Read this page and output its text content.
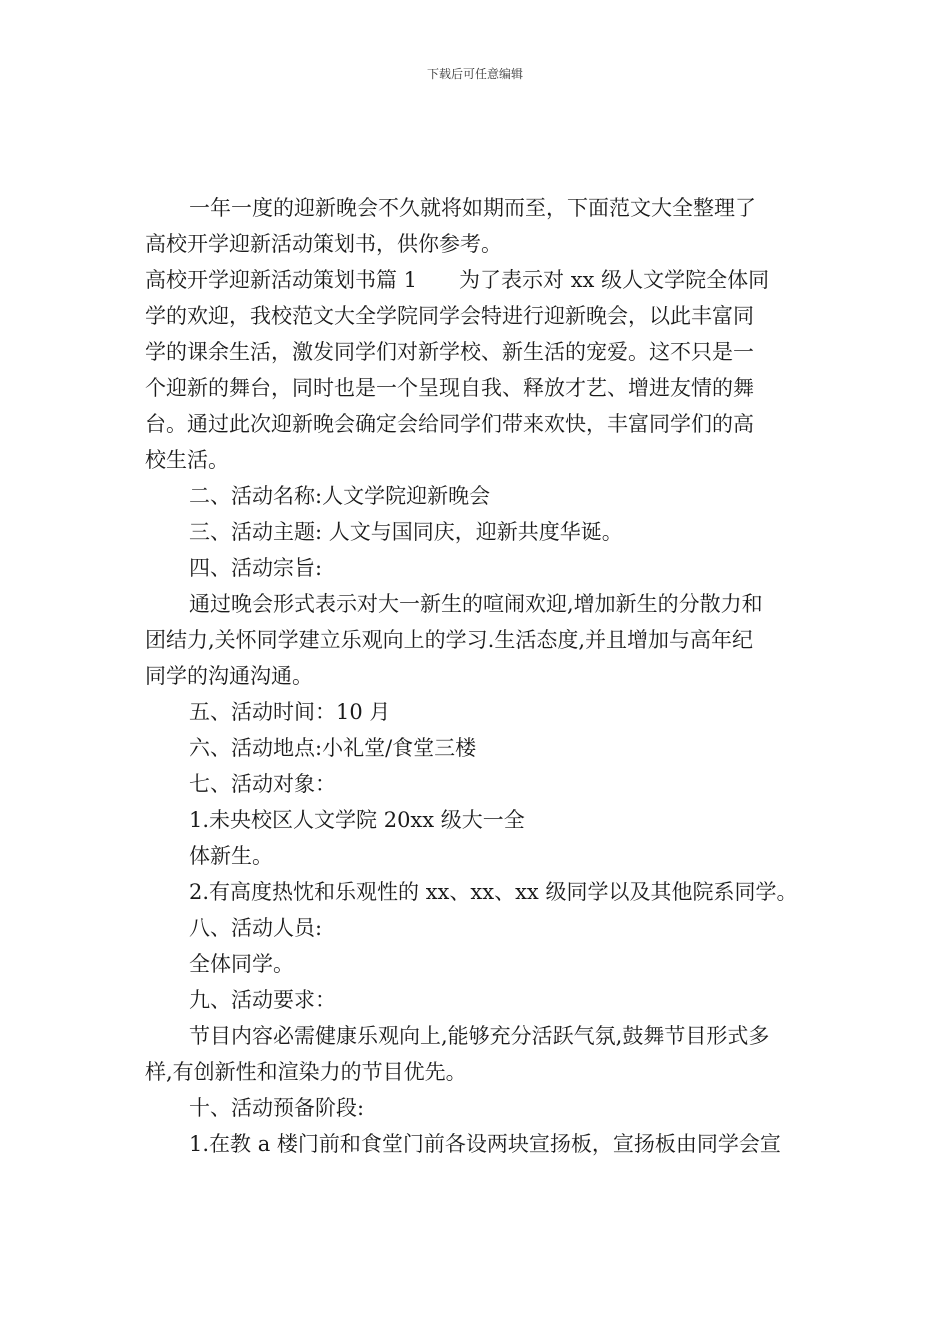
下载后可任意编辑
一年一度的迎新晚会不久就将如期而至，下面范文大全整理了
高校开学迎新活动策划书，供你参考。
高校开学迎新活动策划书篇 1　　为了表示对 xx 级人文学院全体同
学的欢迎，我校范文大全学院同学会特进行迎新晚会，以此丰富同
学的课余生活，激发同学们对新学校、新生活的宠爱。这不只是一
个迎新的舞台，同时也是一个呈现自我、释放才艺、增进友情的舞
台。通过此次迎新晚会确定会给同学们带来欢快，丰富同学们的高
校生活。
二、活动名称:人文学院迎新晚会
三、活动主题: 人文与国同庆，迎新共度华诞。
四、活动宗旨:
通过晚会形式表示对大一新生的喧闹欢迎,增加新生的分散力和
团结力,关怀同学建立乐观向上的学习.生活态度,并且增加与高年纪
同学的沟通沟通。
五、活动时间：10 月
六、活动地点:小礼堂/食堂三楼
七、活动对象：
1.未央校区人文学院 20xx 级大一全
体新生。
2.有高度热忱和乐观性的 xx、xx、xx 级同学以及其他院系同学。
八、活动人员:
全体同学。
九、活动要求：
节目内容必需健康乐观向上,能够充分活跃气氛,鼓舞节目形式多
样,有创新性和渲染力的节目优先。
十、活动预备阶段:
1.在教 a 楼门前和食堂门前各设两块宣扬板，宣扬板由同学会宣
